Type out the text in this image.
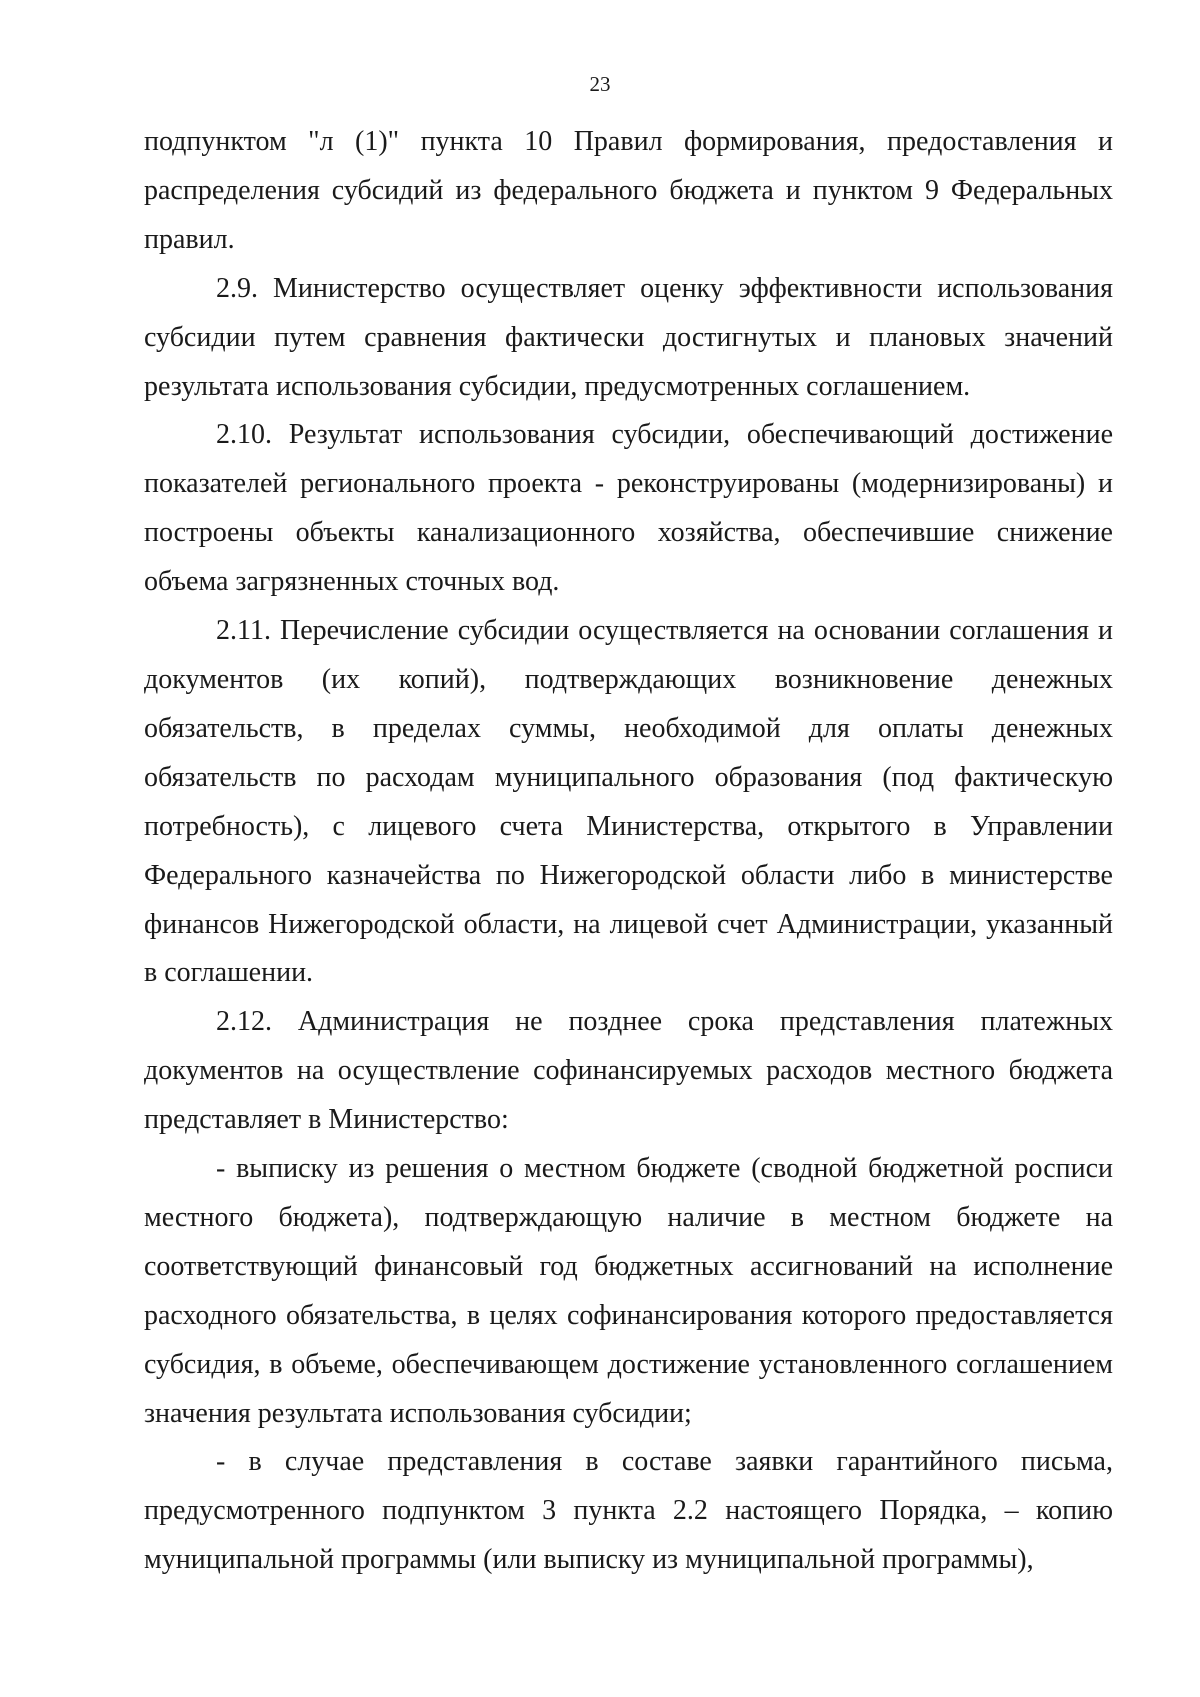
23

подпунктом "л (1)" пункта 10 Правил формирования, предоставления и распределения субсидий из федерального бюджета и пунктом 9 Федеральных правил.

2.9. Министерство осуществляет оценку эффективности использования субсидии путем сравнения фактически достигнутых и плановых значений результата использования субсидии, предусмотренных соглашением.

2.10. Результат использования субсидии, обеспечивающий достижение показателей регионального проекта - реконструированы (модернизированы) и построены объекты канализационного хозяйства, обеспечившие снижение объема загрязненных сточных вод.

2.11. Перечисление субсидии осуществляется на основании соглашения и документов (их копий), подтверждающих возникновение денежных обязательств, в пределах суммы, необходимой для оплаты денежных обязательств по расходам муниципального образования (под фактическую потребность), с лицевого счета Министерства, открытого в Управлении Федерального казначейства по Нижегородской области либо в министерстве финансов Нижегородской области, на лицевой счет Администрации, указанный в соглашении.

2.12. Администрация не позднее срока представления платежных документов на осуществление софинансируемых расходов местного бюджета представляет в Министерство:

- выписку из решения о местном бюджете (сводной бюджетной росписи местного бюджета), подтверждающую наличие в местном бюджете на соответствующий финансовый год бюджетных ассигнований на исполнение расходного обязательства, в целях софинансирования которого предоставляется субсидия, в объеме, обеспечивающем достижение установленного соглашением значения результата использования субсидии;

- в случае представления в составе заявки гарантийного письма, предусмотренного подпунктом 3 пункта 2.2 настоящего Порядка, – копию муниципальной программы (или выписку из муниципальной программы),
